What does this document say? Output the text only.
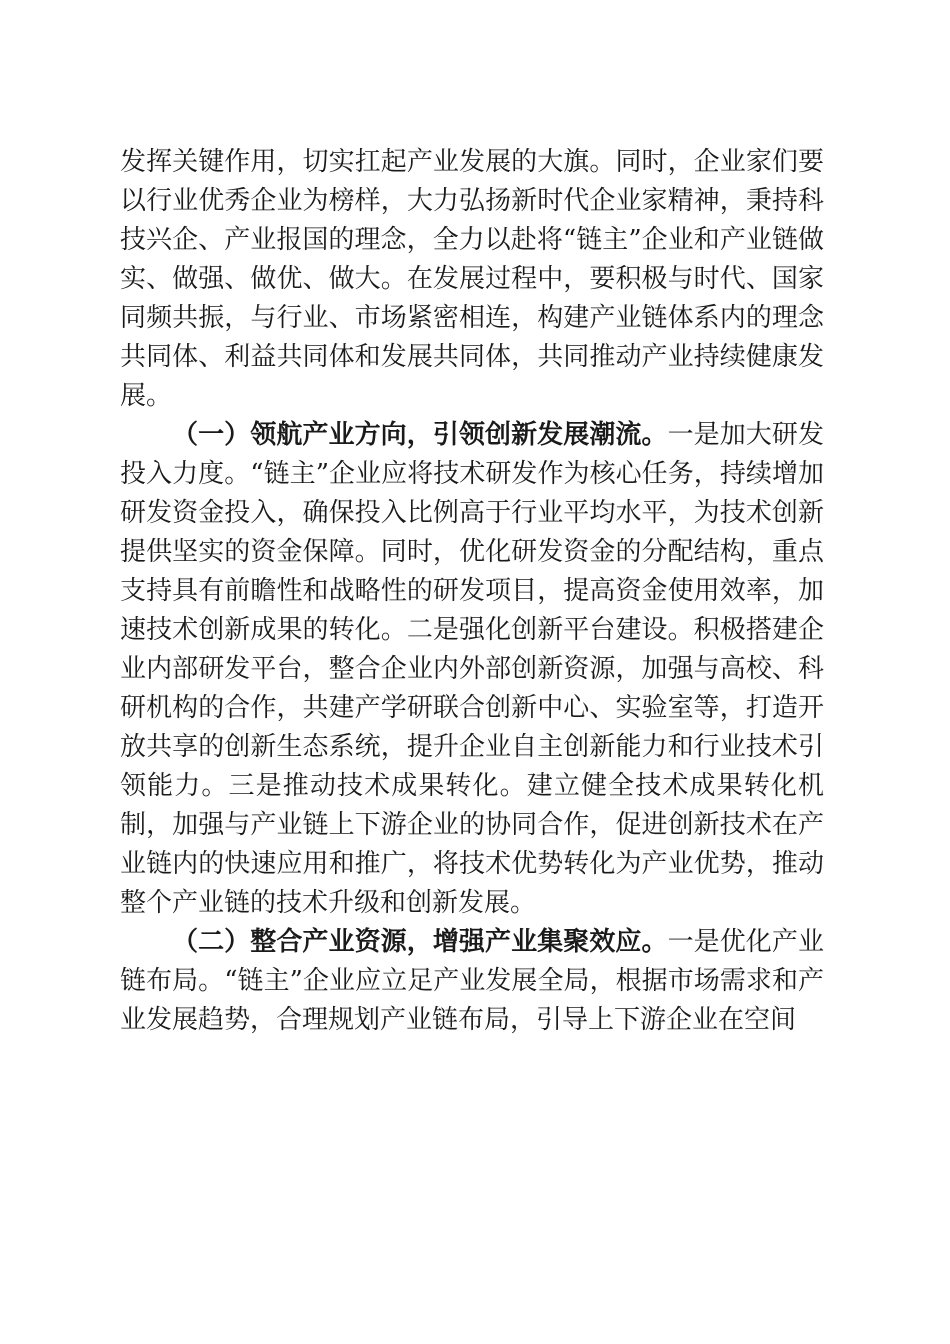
发挥关键作用，切实扛起产业发展的大旗。同时，企业家们要以行业优秀企业为榜样，大力弘扬新时代企业家精神，秉持科技兴企、产业报国的理念，全力以赴将“链主”企业和产业链做实、做强、做优、做大。在发展过程中，要积极与时代、国家同频共振，与行业、市场紧密相连，构建产业链体系内的理念共同体、利益共同体和发展共同体，共同推动产业持续健康发展。

（一）领航产业方向，引领创新发展潮流。一是加大研发投入力度。“链主”企业应将技术研发作为核心任务，持续增加研发资金投入，确保投入比例高于行业平均水平，为技术创新提供坚实的资金保障。同时，优化研发资金的分配结构，重点支持具有前瞻性和战略性的研发项目，提高资金使用效率，加速技术创新成果的转化。二是强化创新平台建设。积极搭建企业内部研发平台，整合企业内外部创新资源，加强与高校、科研机构的合作，共建产学研联合创新中心、实验室等，打造开放共享的创新生态系统，提升企业自主创新能力和行业技术引领能力。三是推动技术成果转化。建立健全技术成果转化机制，加强与产业链上下游企业的协同合作，促进创新技术在产业链内的快速应用和推广，将技术优势转化为产业优势，推动整个产业链的技术升级和创新发展。

（二）整合产业资源，增强产业集聚效应。一是优化产业链布局。“链主”企业应立足产业发展全局，根据市场需求和产业发展趋势，合理规划产业链布局，引导上下游企业在空间
